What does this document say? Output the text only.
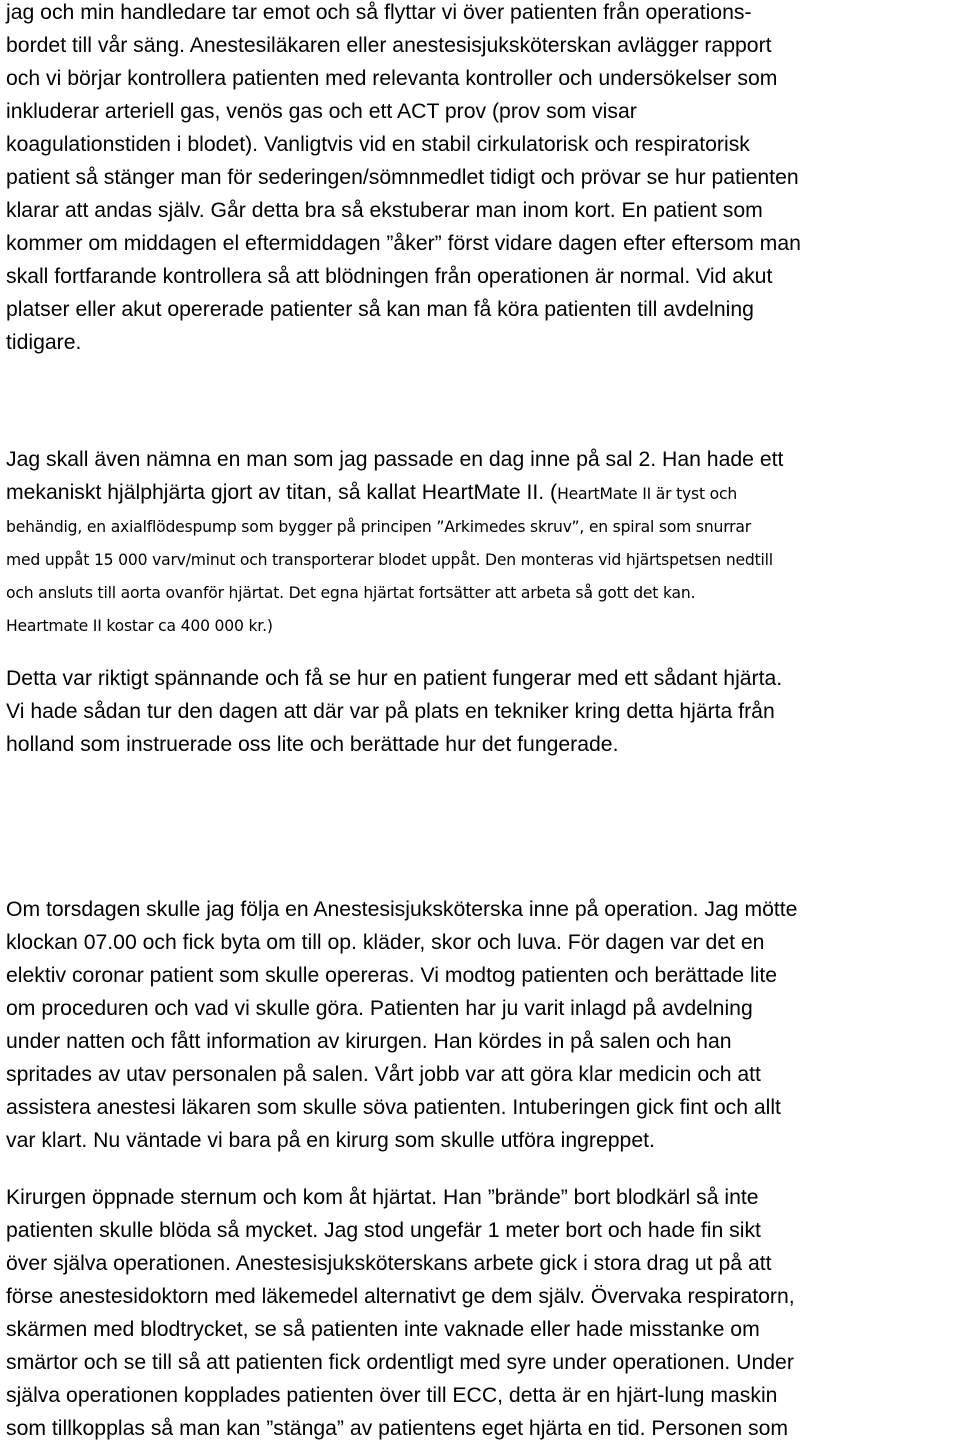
jag och min handledare tar emot och så flyttar vi över patienten från operations-
bordet till vår säng. Anestesiläkaren eller anestesisjuksköterskan avlägger rapport
och vi börjar kontrollera patienten med relevanta kontroller och undersökelser som
inkluderar arteriell gas, venös gas och ett ACT prov (prov som visar
koagulationstiden i blodet). Vanligtvis vid en stabil cirkulatorisk och respiratorisk
patient så stänger man för sederingen/sömnmedlet tidigt och prövar se hur patienten
klarar att andas själv. Går detta bra så ekstuberar man inom kort. En patient som
kommer om middagen el eftermiddagen ”åker” först vidare dagen efter eftersom man
skall fortfarande kontrollera så att blödningen från operationen är normal. Vid akut
platser eller akut opererade patienter så kan man få köra patienten till avdelning
tidigare.
Jag skall även nämna en man som jag passade en dag inne på sal 2. Han hade ett
mekaniskt hjälphjärta gjort av titan, så kallat HeartMate II. (HeartMate II är tyst och
behändig, en axialflödespump som bygger på principen ”Arkimedes skruv”, en spiral som snurrar
med uppåt 15 000 varv/minut och transporterar blodet uppåt. Den monteras vid hjärtspetsen nedtill
och ansluts till aorta ovanför hjärtat. Det egna hjärtat fortsätter att arbeta så gott det kan.
Heartmate II kostar ca 400 000 kr.)
Detta var riktigt spännande och få se hur en patient fungerar med ett sådant hjärta.
Vi hade sådan tur den dagen att där var på plats en tekniker kring detta hjärta från
holland som instruerade oss lite och berättade hur det fungerade.
Om torsdagen skulle jag följa en Anestesisjuksköterska inne på operation. Jag mötte
klockan 07.00 och fick byta om till op. kläder, skor och luva. För dagen var det en
elektiv coronar patient som skulle opereras. Vi modtog patienten och berättade lite
om proceduren och vad vi skulle göra. Patienten har ju varit inlagd på avdelning
under natten och fått information av kirurgen. Han kördes in på salen och han
spritades av utav personalen på salen. Vårt jobb var att göra klar medicin och att
assistera anestesi läkaren som skulle söva patienten. Intuberingen gick fint och allt
var klart. Nu väntade vi bara på en kirurg som skulle utföra ingreppet.
Kirurgen öppnade sternum och kom åt hjärtat. Han ”brände” bort blodkärl så inte
patienten skulle blöda så mycket. Jag stod ungefär 1 meter bort och hade fin sikt
över själva operationen. Anestesisjuksköterskans arbete gick i stora drag ut på att
förse anestesidoktorn med läkemedel alternativt ge dem själv. Övervaka respiratorn,
skärmen med blodtrycket, se så patienten inte vaknade eller hade misstanke om
smärtor och se till så att patienten fick ordentligt med syre under operationen. Under
själva operationen kopplades patienten över till ECC, detta är en hjärt-lung maskin
som tillkopplas så man kan ”stänga” av patientens eget hjärta en tid. Personen som
